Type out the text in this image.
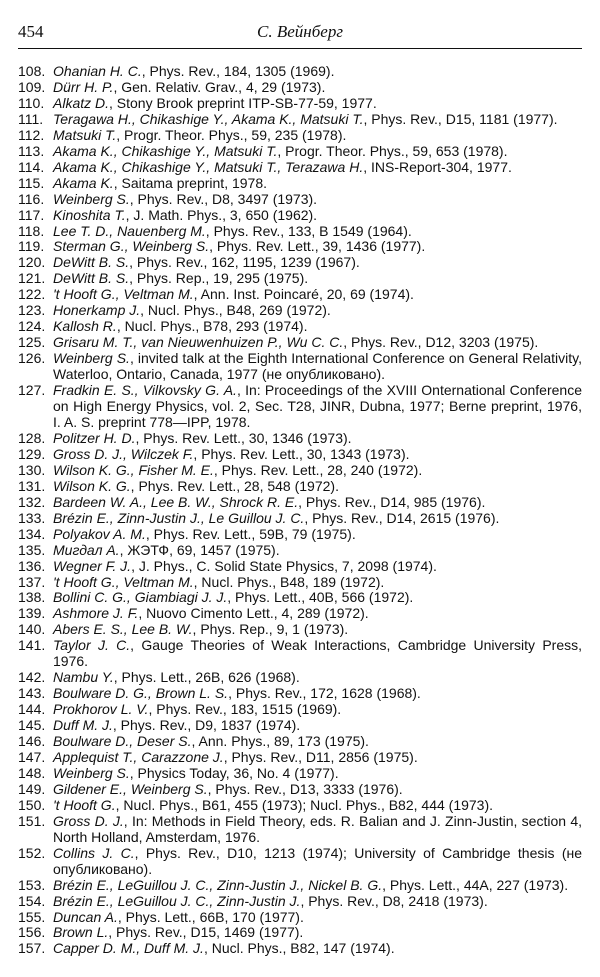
454	С. Вейнберг
108. Ohanian H. C., Phys. Rev., 184, 1305 (1969).
109. Dürr H. P., Gen. Relativ. Grav., 4, 29 (1973).
110. Alkatz D., Stony Brook preprint ITP-SB-77-59, 1977.
111. Teragawa H., Chikashige Y., Akama K., Matsuki T., Phys. Rev., D15, 1181 (1977).
112. Matsuki T., Progr. Theor. Phys., 59, 235 (1978).
113. Akama K., Chikashige Y., Matsuki T., Progr. Theor. Phys., 59, 653 (1978).
114. Akama K., Chikashige Y., Matsuki T., Terazawa H., INS-Report-304, 1977.
115. Akama K., Saitama preprint, 1978.
116. Weinberg S., Phys. Rev., D8, 3497 (1973).
117. Kinoshita T., J. Math. Phys., 3, 650 (1962).
118. Lee T. D., Nauenberg M., Phys. Rev., 133, B 1549 (1964).
119. Sterman G., Weinberg S., Phys. Rev. Lett., 39, 1436 (1977).
120. DeWitt B. S., Phys. Rev., 162, 1195, 1239 (1967).
121. DeWitt B. S., Phys. Rep., 19, 295 (1975).
122. 't Hooft G., Veltman M., Ann. Inst. Poincaré, 20, 69 (1974).
123. Honerkamp J., Nucl. Phys., B48, 269 (1972).
124. Kallosh R., Nucl. Phys., B78, 293 (1974).
125. Grisaru M. T., van Nieuwenhuizen P., Wu C. C., Phys. Rev., D12, 3203 (1975).
126. Weinberg S., invited talk at the Eighth International Conference on General Relativity, Waterloo, Ontario, Canada, 1977 (не опубликовано).
127. Fradkin E. S., Vilkovsky G. A., In: Proceedings of the XVIII Onternational Conference on High Energy Physics, vol. 2, Sec. T28, JINR, Dubna, 1977; Berne preprint, 1976, I. A. S. preprint 778—IPP, 1978.
128. Politzer H. D., Phys. Rev. Lett., 30, 1346 (1973).
129. Gross D. J., Wilczek F., Phys. Rev. Lett., 30, 1343 (1973).
130. Wilson K. G., Fisher M. E., Phys. Rev. Lett., 28, 240 (1972).
131. Wilson K. G., Phys. Rev. Lett., 28, 548 (1972).
132. Bardeen W. A., Lee B. W., Shrock R. E., Phys. Rev., D14, 985 (1976).
133. Brézin E., Zinn-Justin J., Le Guillou J. C., Phys. Rev., D14, 2615 (1976).
134. Polyakov A. M., Phys. Rev. Lett., 59B, 79 (1975).
135. Мигдал А., ЖЭТФ, 69, 1457 (1975).
136. Wegner F. J., J. Phys., C. Solid State Physics, 7, 2098 (1974).
137. 't Hooft G., Veltman M., Nucl. Phys., B48, 189 (1972).
138. Bollini C. G., Giambiagi J. J., Phys. Lett., 40B, 566 (1972).
139. Ashmore J. F., Nuovo Cimento Lett., 4, 289 (1972).
140. Abers E. S., Lee B. W., Phys. Rep., 9, 1 (1973).
141. Taylor J. C., Gauge Theories of Weak Interactions, Cambridge University Press, 1976.
142. Nambu Y., Phys. Lett., 26B, 626 (1968).
143. Boulware D. G., Brown L. S., Phys. Rev., 172, 1628 (1968).
144. Prokhorov L. V., Phys. Rev., 183, 1515 (1969).
145. Duff M. J., Phys. Rev., D9, 1837 (1974).
146. Boulware D., Deser S., Ann. Phys., 89, 173 (1975).
147. Applequist T., Carazzone J., Phys. Rev., D11, 2856 (1975).
148. Weinberg S., Physics Today, 36, No. 4 (1977).
149. Gildener E., Weinberg S., Phys. Rev., D13, 3333 (1976).
150. 't Hooft G., Nucl. Phys., B61, 455 (1973); Nucl. Phys., B82, 444 (1973).
151. Gross D. J., In: Methods in Field Theory, eds. R. Balian and J. Zinn-Justin, section 4, North Holland, Amsterdam, 1976.
152. Collins J. C., Phys. Rev., D10, 1213 (1974); University of Cambridge thesis (не опубликовано).
153. Brézin E., LeGuillou J. C., Zinn-Justin J., Nickel B. G., Phys. Lett., 44A, 227 (1973).
154. Brézin E., LeGuillou J. C., Zinn-Justin J., Phys. Rev., D8, 2418 (1973).
155. Duncan A., Phys. Lett., 66B, 170 (1977).
156. Brown L., Phys. Rev., D15, 1469 (1977).
157. Capper D. M., Duff M. J., Nucl. Phys., B82, 147 (1974).
